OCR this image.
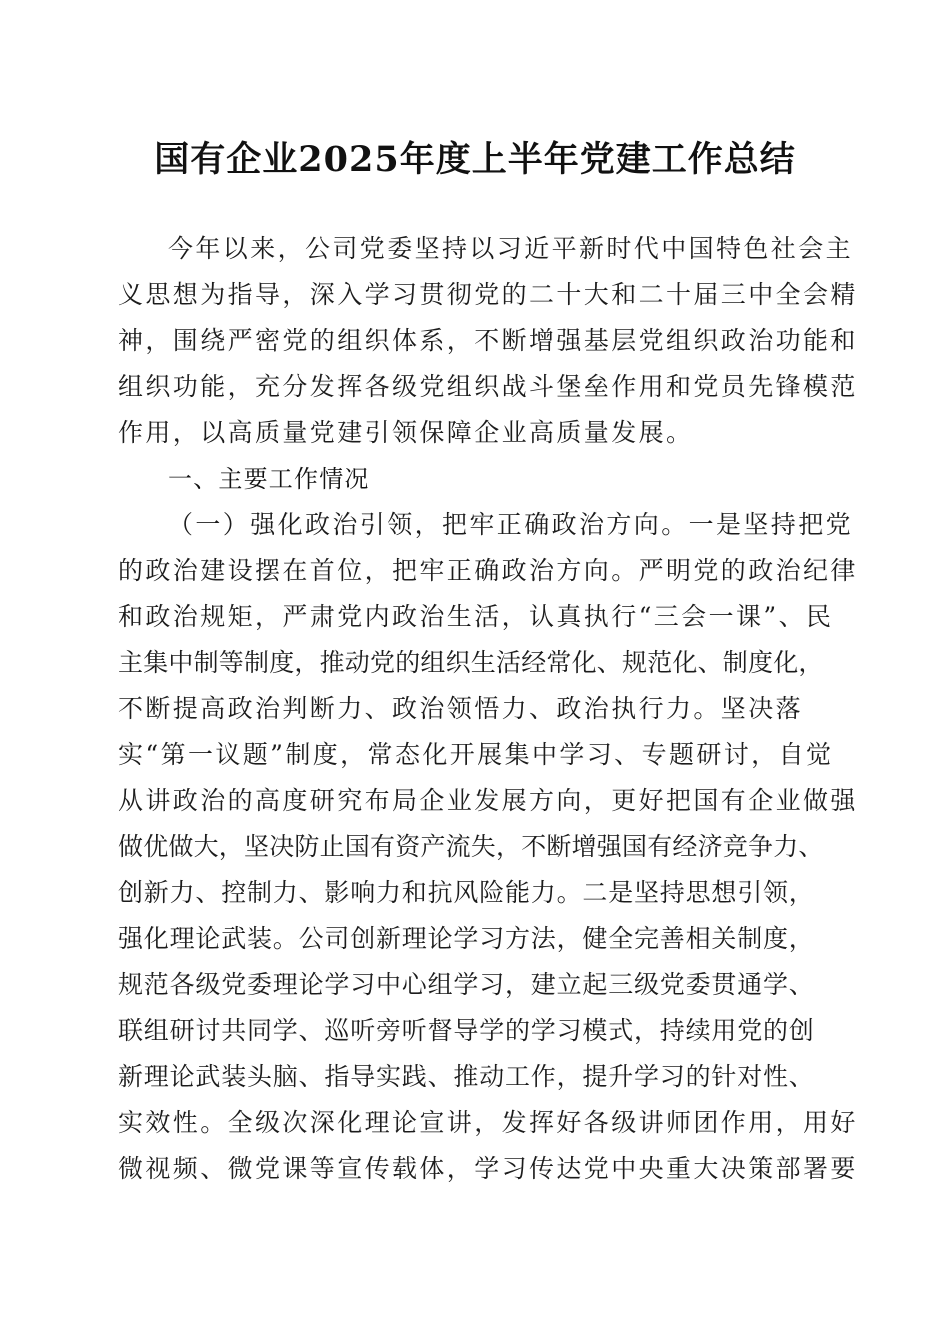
国有企业2025年度上半年党建工作总结
今年以来，公司党委坚持以习近平新时代中国特色社会主
义思想为指导，深入学习贯彻党的二十大和二十届三中全会精
神，围绕严密党的组织体系，不断增强基层党组织政治功能和
组织功能，充分发挥各级党组织战斗堡垒作用和党员先锋模范
作用，以高质量党建引领保障企业高质量发展。
一、主要工作情况
（一）强化政治引领，把牢正确政治方向。一是坚持把党
的政治建设摆在首位，把牢正确政治方向。严明党的政治纪律
和政治规矩，严肃党内政治生活，认真执行“三会一课”、民
主集中制等制度，推动党的组织生活经常化、规范化、制度化，
不断提高政治判断力、政治领悟力、政治执行力。坚决落
实“第一议题”制度，常态化开展集中学习、专题研讨，自觉
从讲政治的高度研究布局企业发展方向，更好把国有企业做强
做优做大，坚决防止国有资产流失，不断增强国有经济竞争力、
创新力、控制力、影响力和抗风险能力。二是坚持思想引领，
强化理论武装。公司创新理论学习方法，健全完善相关制度，
规范各级党委理论学习中心组学习，建立起三级党委贯通学、
联组研讨共同学、巡听旁听督导学的学习模式，持续用党的创
新理论武装头脑、指导实践、推动工作，提升学习的针对性、
实效性。全级次深化理论宣讲，发挥好各级讲师团作用，用好
微视频、微党课等宣传载体，学习传达党中央重大决策部署要
